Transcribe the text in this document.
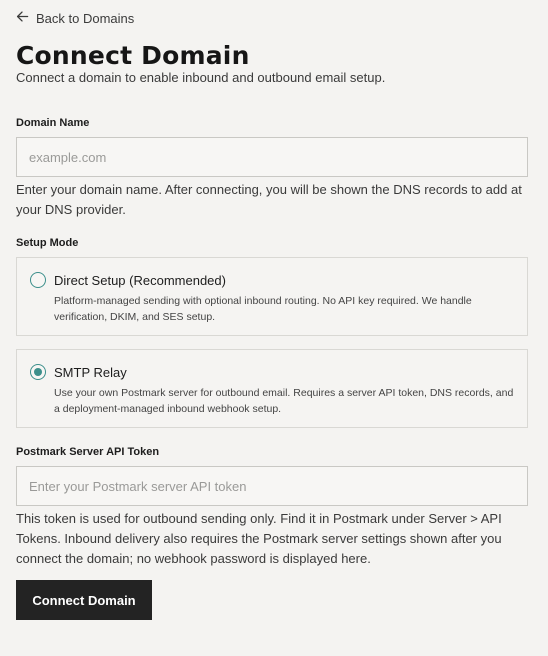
Back to Domains
Connect Domain

Connect a domain to enable inbound and outbound email setup.

Domain Name
example.com

Enter your domain name. After connecting, you will be shown the DNS records to add at your DNS provider.

Setup Mode
Direct Setup (Recommended)

Platform-managed sending with optional inbound routing. No API key required. We handle verification, DKIM, and SES setup.

SMTP Relay

Use your own Postmark server for outbound email. Requires a server API token, DNS records, and a deployment-managed inbound webhook setup.

Postmark Server API Token
Enter your Postmark server API token

This token is used for outbound sending only. Find it in Postmark under Server > API Tokens. Inbound delivery also requires the Postmark server settings shown after you connect the domain; no webhook password is displayed here.

Connect Domain
